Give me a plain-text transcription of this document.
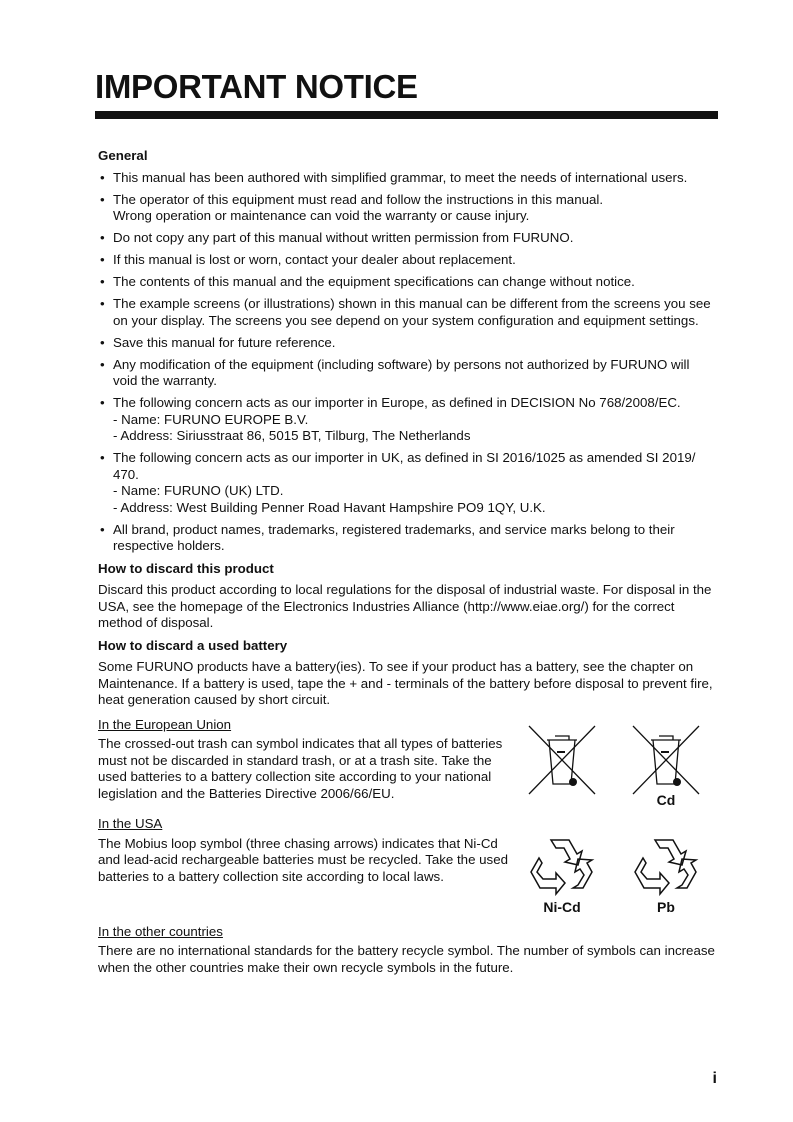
IMPORTANT NOTICE
General
• This manual has been authored with simplified grammar, to meet the needs of international users.
• The operator of this equipment must read and follow the instructions in this manual.
Wrong operation or maintenance can void the warranty or cause injury.
• Do not copy any part of this manual without written permission from FURUNO.
• If this manual is lost or worn, contact your dealer about replacement.
• The contents of this manual and the equipment specifications can change without notice.
• The example screens (or illustrations) shown in this manual can be different from the screens you see on your display. The screens you see depend on your system configuration and equipment settings.
• Save this manual for future reference.
• Any modification of the equipment (including software) by persons not authorized by FURUNO will void the warranty.
• The following concern acts as our importer in Europe, as defined in DECISION No 768/2008/EC.
- Name: FURUNO EUROPE B.V.
- Address: Siriusstraat 86, 5015 BT, Tilburg, The Netherlands
• The following concern acts as our importer in UK, as defined in SI 2016/1025 as amended SI 2019/ 470.
- Name: FURUNO (UK) LTD.
- Address: West Building Penner Road Havant Hampshire PO9 1QY, U.K.
• All brand, product names, trademarks, registered trademarks, and service marks belong to their respective holders.
How to discard this product

Discard this product according to local regulations for the disposal of industrial waste. For disposal in the USA, see the homepage of the Electronics Industries Alliance (http://www.eiae.org/) for the correct method of disposal.

How to discard a used battery

Some FURUNO products have a battery(ies). To see if your product has a battery, see the chapter on Maintenance. If a battery is used, tape the + and - terminals of the battery before disposal to prevent fire, heat generation caused by short circuit.

In the European Union

The crossed-out trash can symbol indicates that all types of batteries must not be discarded in standard trash, or at a trash site. Take the used batteries to a battery collection site according to your national legislation and the Batteries Directive 2006/66/EU.	Cd
In the USA

The Mobius loop symbol (three chasing arrows) indicates that Ni-Cd and lead-acid rechargeable batteries must be recycled. Take the used batteries to a battery collection site according to local laws.

Ni-Cd	Pb
In the other countries

There are no international standards for the battery recycle symbol. The number of symbols can increase when the other countries make their own recycle symbols in the future.

i
